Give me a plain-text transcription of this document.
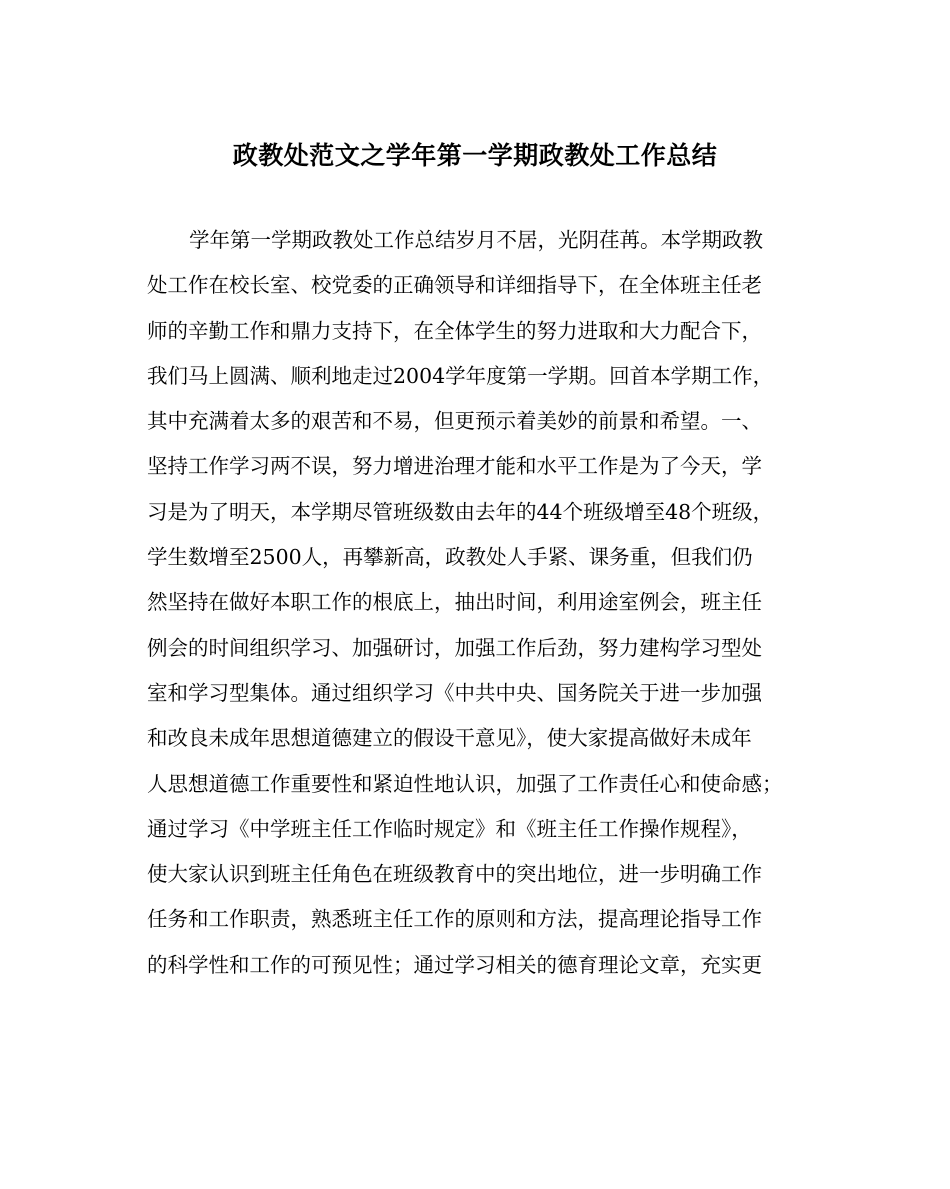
政教处范文之学年第一学期政教处工作总结
学年第一学期政教处工作总结岁月不居，光阴荏苒。本学期政教
处工作在校长室、校党委的正确领导和详细指导下，在全体班主任老
师的辛勤工作和鼎力支持下，在全体学生的努力进取和大力配合下，
我们马上圆满、顺利地走过2004学年度第一学期。回首本学期工作，
其中充满着太多的艰苦和不易，但更预示着美妙的前景和希望。一、
坚持工作学习两不误，努力增进治理才能和水平工作是为了今天，学
习是为了明天，本学期尽管班级数由去年的44个班级增至48个班级，
学生数增至2500人，再攀新高，政教处人手紧、课务重，但我们仍
然坚持在做好本职工作的根底上，抽出时间，利用途室例会，班主任
例会的时间组织学习、加强研讨，加强工作后劲，努力建构学习型处
室和学习型集体。通过组织学习《中共中央、国务院关于进一步加强
和改良未成年思想道德建立的假设干意见》，使大家提高做好未成年
人思想道德工作重要性和紧迫性地认识，加强了工作责任心和使命感；
通过学习《中学班主任工作临时规定》和《班主任工作操作规程》，
使大家认识到班主任角色在班级教育中的突出地位，进一步明确工作
任务和工作职责，熟悉班主任工作的原则和方法，提高理论指导工作
的科学性和工作的可预见性；通过学习相关的德育理论文章，充实更
